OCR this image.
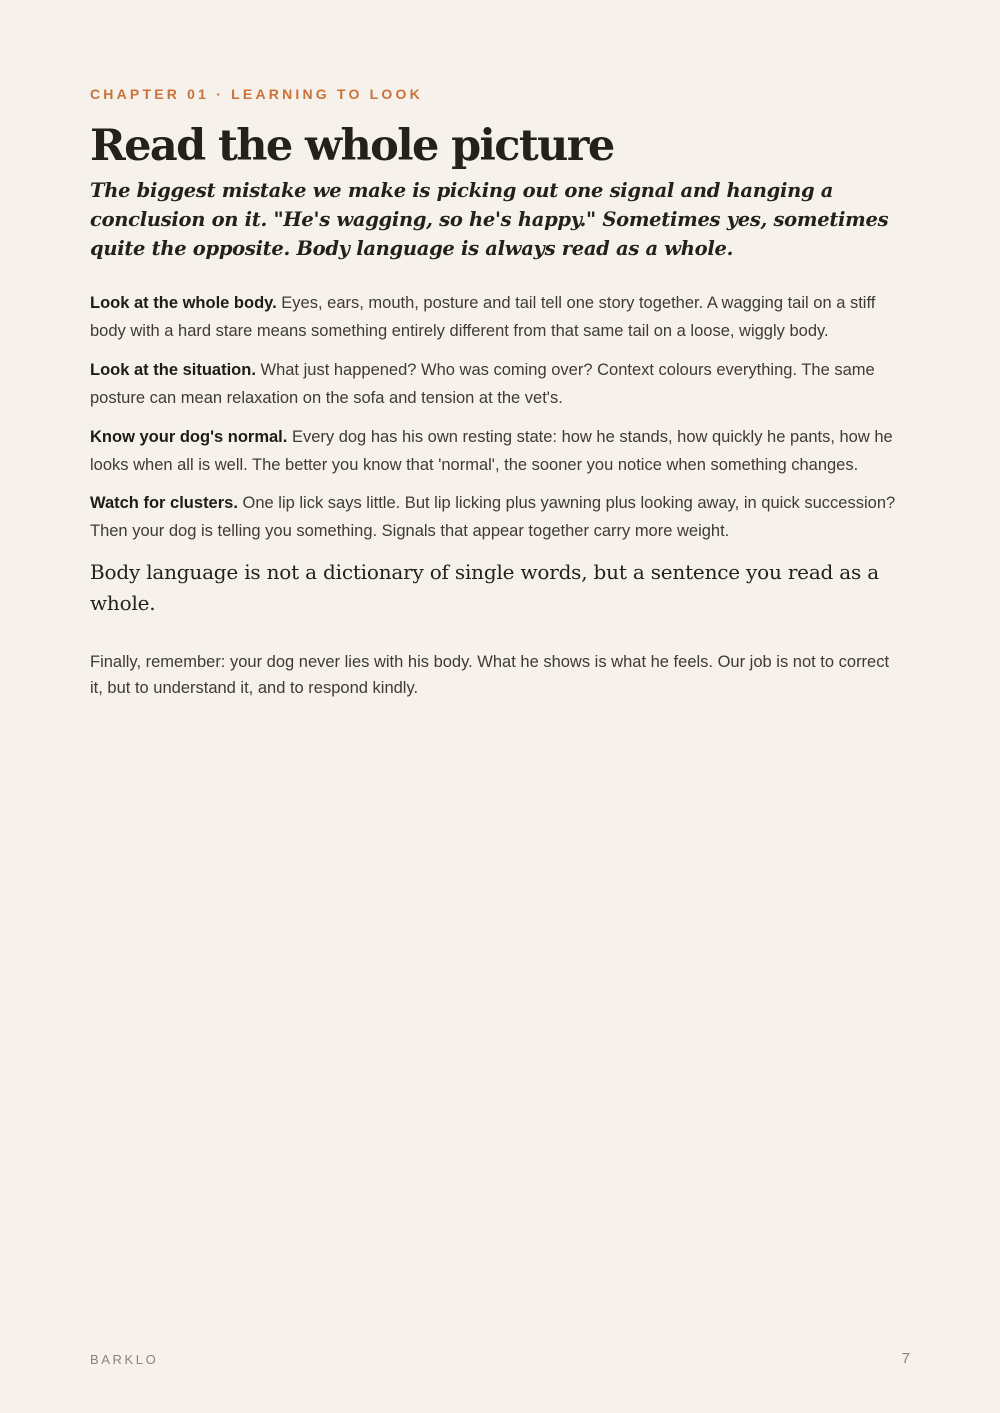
CHAPTER 01 · LEARNING TO LOOK
Read the whole picture

The biggest mistake we make is picking out one signal and hanging a conclusion on it. "He's wagging, so he's happy." Sometimes yes, sometimes quite the opposite. Body language is always read as a whole.

Look at the whole body. Eyes, ears, mouth, posture and tail tell one story together. A wagging tail on a stiff body with a hard stare means something entirely different from that same tail on a loose, wiggly body.

Look at the situation. What just happened? Who was coming over? Context colours everything. The same posture can mean relaxation on the sofa and tension at the vet's.

Know your dog's normal. Every dog has his own resting state: how he stands, how quickly he pants, how he looks when all is well. The better you know that 'normal', the sooner you notice when something changes.

Watch for clusters. One lip lick says little. But lip licking plus yawning plus looking away, in quick succession? Then your dog is telling you something. Signals that appear together carry more weight.

Body language is not a dictionary of single words, but a sentence you read as a whole.

Finally, remember: your dog never lies with his body. What he shows is what he feels. Our job is not to correct it, but to understand it, and to respond kindly.

BARKLO	7
